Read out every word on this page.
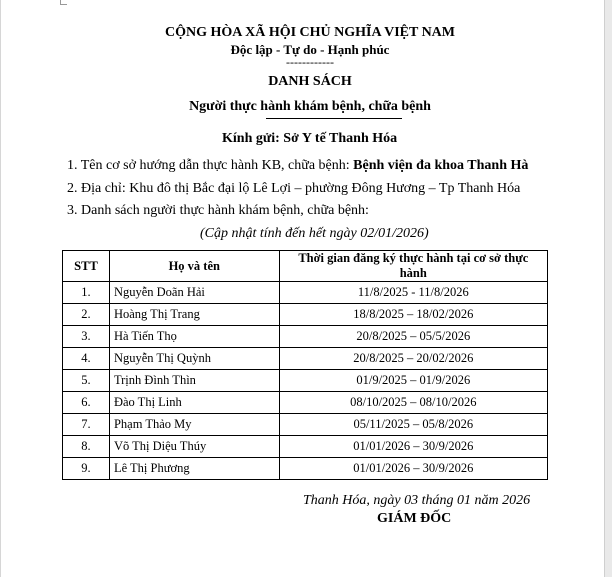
CỘNG HÒA XÃ HỘI CHỦ NGHĨA VIỆT NAM
Độc lập - Tự do - Hạnh phúc
------------
DANH SÁCH
Người thực hành khám bệnh, chữa bệnh
Kính gửi: Sở Y tế Thanh Hóa
1. Tên cơ sở hướng dẫn thực hành KB, chữa bệnh: Bệnh viện đa khoa Thanh Hà
2. Địa chỉ: Khu đô thị Bắc đại lộ Lê Lợi – phường Đông Hương – Tp Thanh Hóa
3. Danh sách người thực hành khám bệnh, chữa bệnh:
(Cập nhật tính đến hết ngày 02/01/2026)
STT	Họ và tên	Thời gian đăng ký thực hành tại cơ sở thực hành
1.	Nguyễn Doãn Hải	11/8/2025 - 11/8/2026
2.	Hoàng Thị Trang	18/8/2025 – 18/02/2026
3.	Hà Tiến Thọ	20/8/2025 – 05/5/2026
4.	Nguyễn Thị Quỳnh	20/8/2025 – 20/02/2026
5.	Trịnh Đình Thìn	01/9/2025 – 01/9/2026
6.	Đào Thị Linh	08/10/2025 – 08/10/2026
7.	Phạm Thảo My	05/11/2025 – 05/8/2026
8.	Võ Thị Diệu Thúy	01/01/2026 – 30/9/2026
9.	Lê Thị Phương	01/01/2026 – 30/9/2026
Thanh Hóa, ngày 03 tháng 01 năm 2026
GIÁM ĐỐC
